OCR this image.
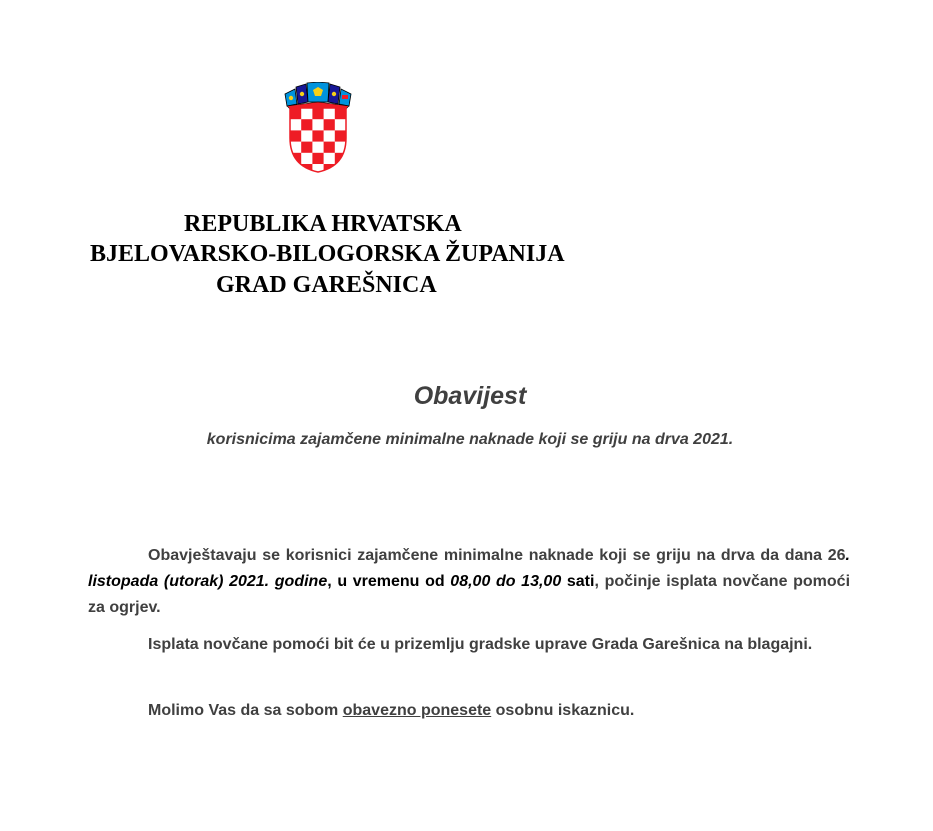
REPUBLIKA HRVATSKA
BJELOVARSKO-BILOGORSKA ŽUPANIJA
GRAD GAREŠNICA
Obavijest
korisnicima zajamčene minimalne naknade koji se griju na drva 2021.
Obavještavaju se korisnici zajamčene minimalne naknade koji se griju na drva da dana 26. listopada (utorak) 2021. godine, u vremenu od 08,00 do 13,00 sati, počinje isplata novčane pomoći za ogrjev.
Isplata novčane pomoći bit će u prizemlju gradske uprave Grada Garešnica na blagajni.
Molimo Vas da sa sobom obavezno ponesete osobnu iskaznicu.
